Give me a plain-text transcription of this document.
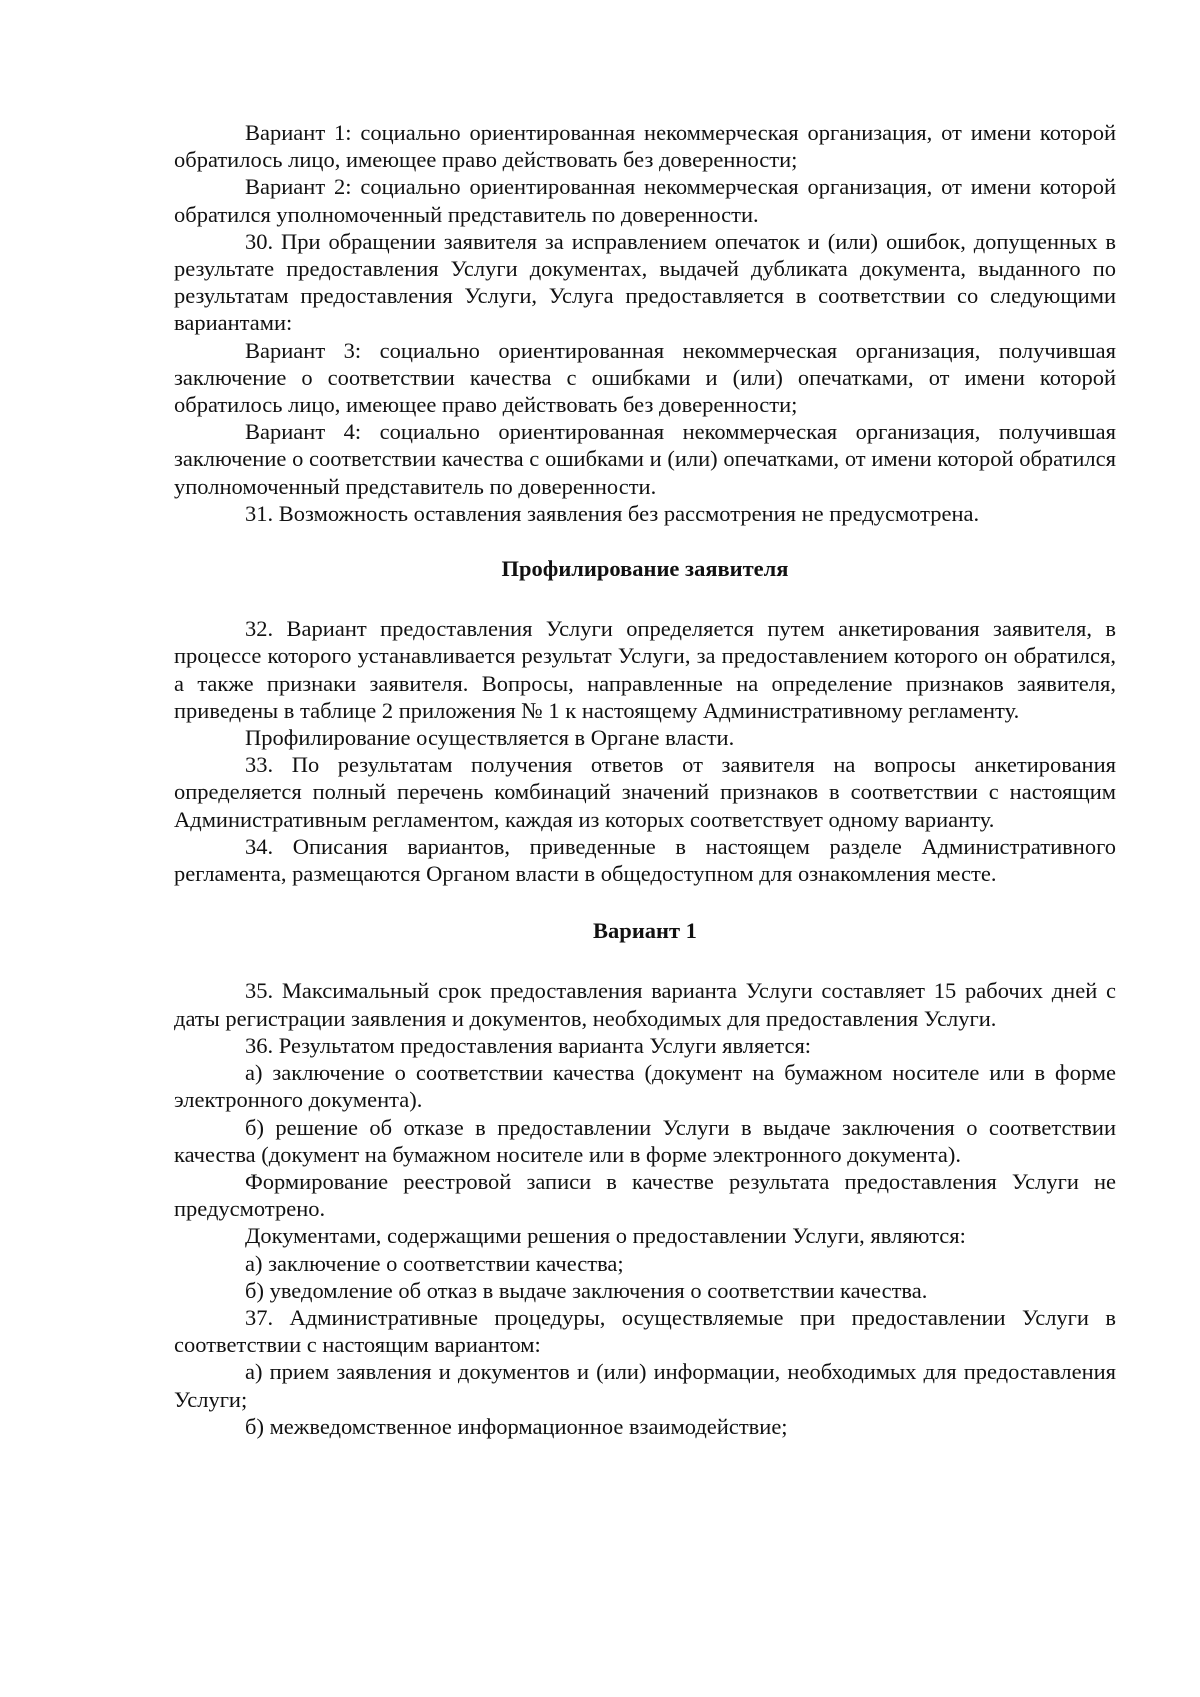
Вариант 1: социально ориентированная некоммерческая организация, от имени которой обратилось лицо, имеющее право действовать без доверенности;

Вариант 2: социально ориентированная некоммерческая организация, от имени которой обратился уполномоченный представитель по доверенности.

30. При обращении заявителя за исправлением опечаток и (или) ошибок, допущенных в результате предоставления Услуги документах, выдачей дубликата документа, выданного по результатам предоставления Услуги, Услуга предоставляется в соответствии со следующими вариантами:

Вариант 3: социально ориентированная некоммерческая организация, получившая заключение о соответствии качества с ошибками и (или) опечатками, от имени которой обратилось лицо, имеющее право действовать без доверенности;

Вариант 4: социально ориентированная некоммерческая организация, получившая заключение о соответствии качества с ошибками и (или) опечатками, от имени которой обратился уполномоченный представитель по доверенности.

31. Возможность оставления заявления без рассмотрения не предусмотрена.

Профилирование заявителя

32. Вариант предоставления Услуги определяется путем анкетирования заявителя, в процессе которого устанавливается результат Услуги, за предоставлением которого он обратился, а также признаки заявителя. Вопросы, направленные на определение признаков заявителя, приведены в таблице 2 приложения № 1 к настоящему Административному регламенту.

Профилирование осуществляется в Органе власти.

33. По результатам получения ответов от заявителя на вопросы анкетирования определяется полный перечень комбинаций значений признаков в соответствии с настоящим Административным регламентом, каждая из которых соответствует одному варианту.

34. Описания вариантов, приведенные в настоящем разделе Административного регламента, размещаются Органом власти в общедоступном для ознакомления месте.

Вариант 1

35. Максимальный срок предоставления варианта Услуги составляет 15 рабочих дней с даты регистрации заявления и документов, необходимых для предоставления Услуги.

36. Результатом предоставления варианта Услуги является:

а) заключение о соответствии качества (документ на бумажном носителе или в форме электронного документа).

б) решение об отказе в предоставлении Услуги в выдаче заключения о соответствии качества (документ на бумажном носителе или в форме электронного документа).

Формирование реестровой записи в качестве результата предоставления Услуги не предусмотрено.

Документами, содержащими решения о предоставлении Услуги, являются:

а) заключение о соответствии качества;

б) уведомление об отказ в выдаче заключения о соответствии качества.

37. Административные процедуры, осуществляемые при предоставлении Услуги в соответствии с настоящим вариантом:

а) прием заявления и документов и (или) информации, необходимых для предоставления Услуги;

б) межведомственное информационное взаимодействие;
